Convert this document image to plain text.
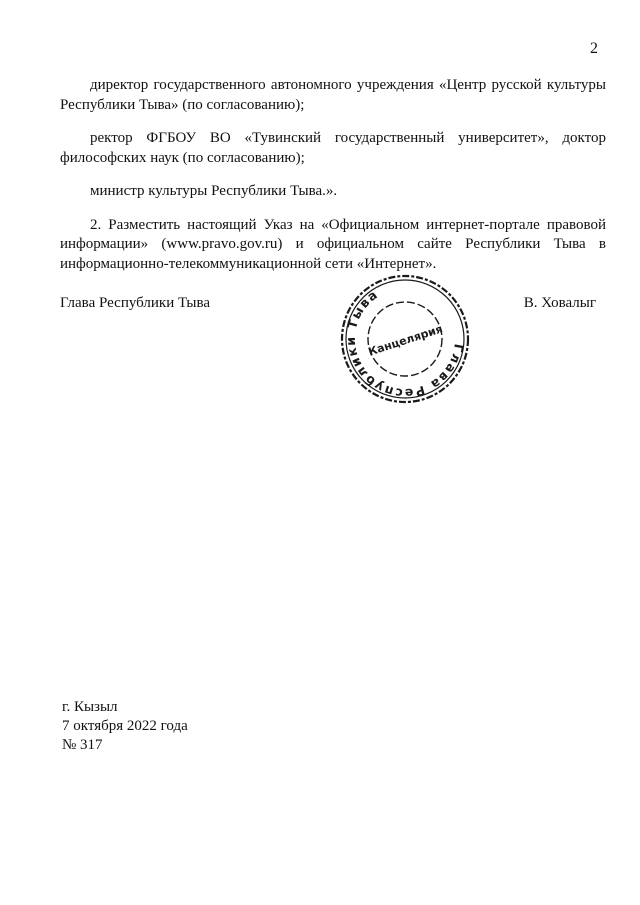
2

директор государственного автономного учреждения «Центр русской культуры Республики Тыва» (по согласованию);

ректор ФГБОУ ВО «Тувинский государственный университет», доктор философских наук (по согласованию);

министр культуры Республики Тыва.».

2. Разместить настоящий Указ на «Официальном интернет-портале правовой информации» (www.pravo.gov.ru) и официальном сайте Республики Тыва в информационно-телекоммуникационной сети «Интернет».

Глава Республики Тыва	В. Ховалыг
Глава Республики Тыва
Канцелярия
г. Кызыл
7 октября 2022 года
№ 317
